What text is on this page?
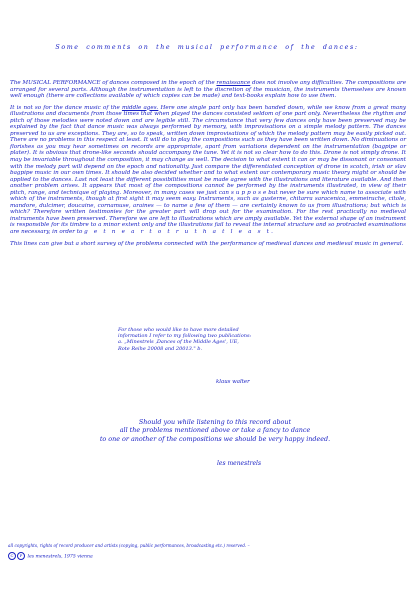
Some comments on the musical performance of the dances:

The MUSICAL PERFORMANCE of dances composed in the epoch of the renaissance does not involve any difficulties. The compositions are arranged for several parts. Although the instrumentation is left to the discretion of the musician, the instruments themselves are known well enough (there are collections available of which copies can be made) and text-books explain how to use them.

It is not so for the dance music of the middle ages. Here one single part only has been handed down, while we know from a great many illustrations and documents from those times that when played the dances consisted seldom of one part only. Nevertheless the rhythm and pitch of those melodies were noted down and are legible still. The circumstance that very few dances only have been preserved may be explained by the fact that dance music was always performed by memory, with improvisations on a simple melody pattern. The dances preserved to us are exceptions. They are, so to speak, written down improvisations of which the melody pattern may be easily picked out. There are no problems in this respect at least. It will do to play the compositions such as they have been written down. No diminuations or florishes as you may hear sometimes on records are appropriate, apart from variations dependent on the instrumentation (bagpipe or plater). It is obvious that drone-like seconds should accompany the tune. Yet it is not so clear how to do this. Drone is not simply drone. It may be invariable throughout the composition, it may change as well. The decision to what extent it can or may be dissonant or consonant with the melody part will depend on the epoch and nationality. Just compare the differentiated conception of drone in scotch, irish or slav bagpipe music in our own times. It should be also decided whether and to what extent our contemporary music theory might or should be applied to the dances. Last not least the different possibilities must be made agree with the illustrations and literature available. And then another problem arises. It appears that most of the compositions cannot be performed by the instruments illustrated, in view of their pitch, range, and technique of playing. Moreover, in many cases we just can s u p p o s e but never be sure which name to associate with which of the instruments, though at first sight it may seem easy. Instruments, such as gusterne, chitarra saracenica, emmeiruche, citole, mandore, dulcimer, doucaine, cornamuse, araines — to name a few of them — are certainly known to us from illustrations; but which is which? Therefore written testimonies for the greater part will drop out for the examination. For the rest practically no medieval instruments have been preserved. Therefore we are left to illustrations which are amply available. Yet the external shape of an instrument is responsible for its timbre to a minor extent only and the illustrations fail to reveal the internal structure and so protracted examinations are necessary, in order to g e t n e a r t o t r u t h a t l e a s t.

This lines can give but a short survey of the problems connected with the performance of medieval dances and medieval music in general.

For those who would like to have more detailed
information I refer to my following two publications:
a. „Minestrels ‚Dances of the Middle Ages', UE,
Rote Reihe 20008 and 20013." b.
klaus walter
Should you while listening to this record about
all the problems mentioned above or take a fancy to dance
to one or another of the compositions we should be very happy indeed.
les menestrels
all copyrights, rights of record producer and artists (copying, public performances, broadcasting etc.) reserved. –
C P les menestrels, 1975 vienna
